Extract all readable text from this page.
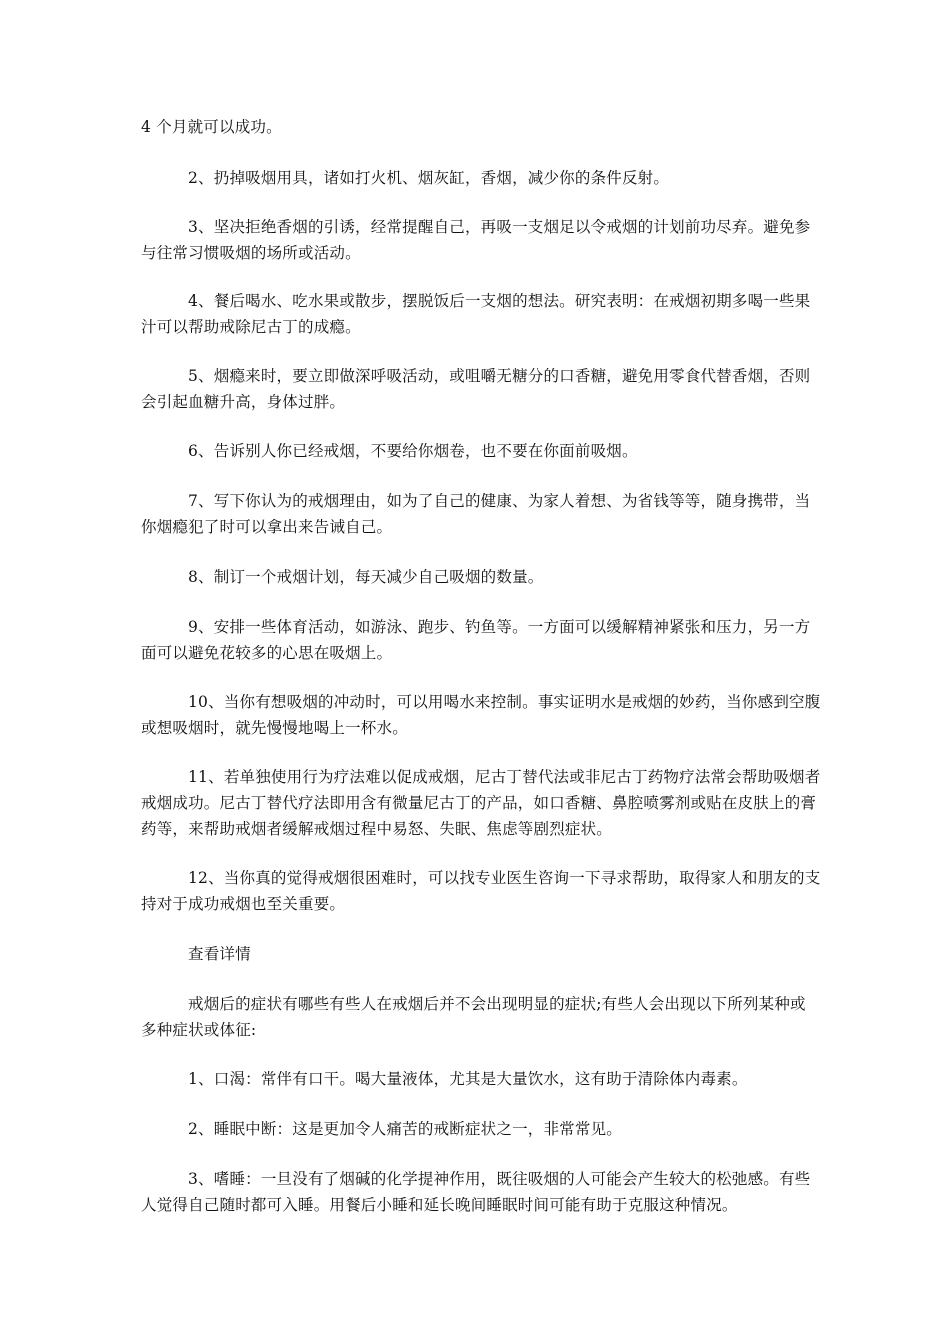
4 个月就可以成功。

2、扔掉吸烟用具，诸如打火机、烟灰缸，香烟，减少你的条件反射。

3、坚决拒绝香烟的引诱，经常提醒自己，再吸一支烟足以令戒烟的计划前功尽弃。避免参与往常习惯吸烟的场所或活动。

4、餐后喝水、吃水果或散步，摆脱饭后一支烟的想法。研究表明：在戒烟初期多喝一些果汁可以帮助戒除尼古丁的成瘾。

5、烟瘾来时，要立即做深呼吸活动，或咀嚼无糖分的口香糖，避免用零食代替香烟，否则会引起血糖升高，身体过胖。

6、告诉别人你已经戒烟，不要给你烟卷，也不要在你面前吸烟。

7、写下你认为的戒烟理由，如为了自己的健康、为家人着想、为省钱等等，随身携带，当你烟瘾犯了时可以拿出来告诫自己。

8、制订一个戒烟计划，每天减少自己吸烟的数量。

9、安排一些体育活动，如游泳、跑步、钓鱼等。一方面可以缓解精神紧张和压力，另一方面可以避免花较多的心思在吸烟上。

10、当你有想吸烟的冲动时，可以用喝水来控制。事实证明水是戒烟的妙药，当你感到空腹或想吸烟时，就先慢慢地喝上一杯水。

11、若单独使用行为疗法难以促成戒烟，尼古丁替代法或非尼古丁药物疗法常会帮助吸烟者戒烟成功。尼古丁替代疗法即用含有微量尼古丁的产品，如口香糖、鼻腔喷雾剂或贴在皮肤上的膏药等，来帮助戒烟者缓解戒烟过程中易怒、失眠、焦虑等剧烈症状。

12、当你真的觉得戒烟很困难时，可以找专业医生咨询一下寻求帮助，取得家人和朋友的支持对于成功戒烟也至关重要。

查看详情

戒烟后的症状有哪些有些人在戒烟后并不会出现明显的症状;有些人会出现以下所列某种或多种症状或体征:

1、口渴：常伴有口干。喝大量液体，尤其是大量饮水，这有助于清除体内毒素。

2、睡眠中断：这是更加令人痛苦的戒断症状之一，非常常见。

3、嗜睡：一旦没有了烟碱的化学提神作用，既往吸烟的人可能会产生较大的松弛感。有些人觉得自己随时都可入睡。用餐后小睡和延长晚间睡眠时间可能有助于克服这种情况。
